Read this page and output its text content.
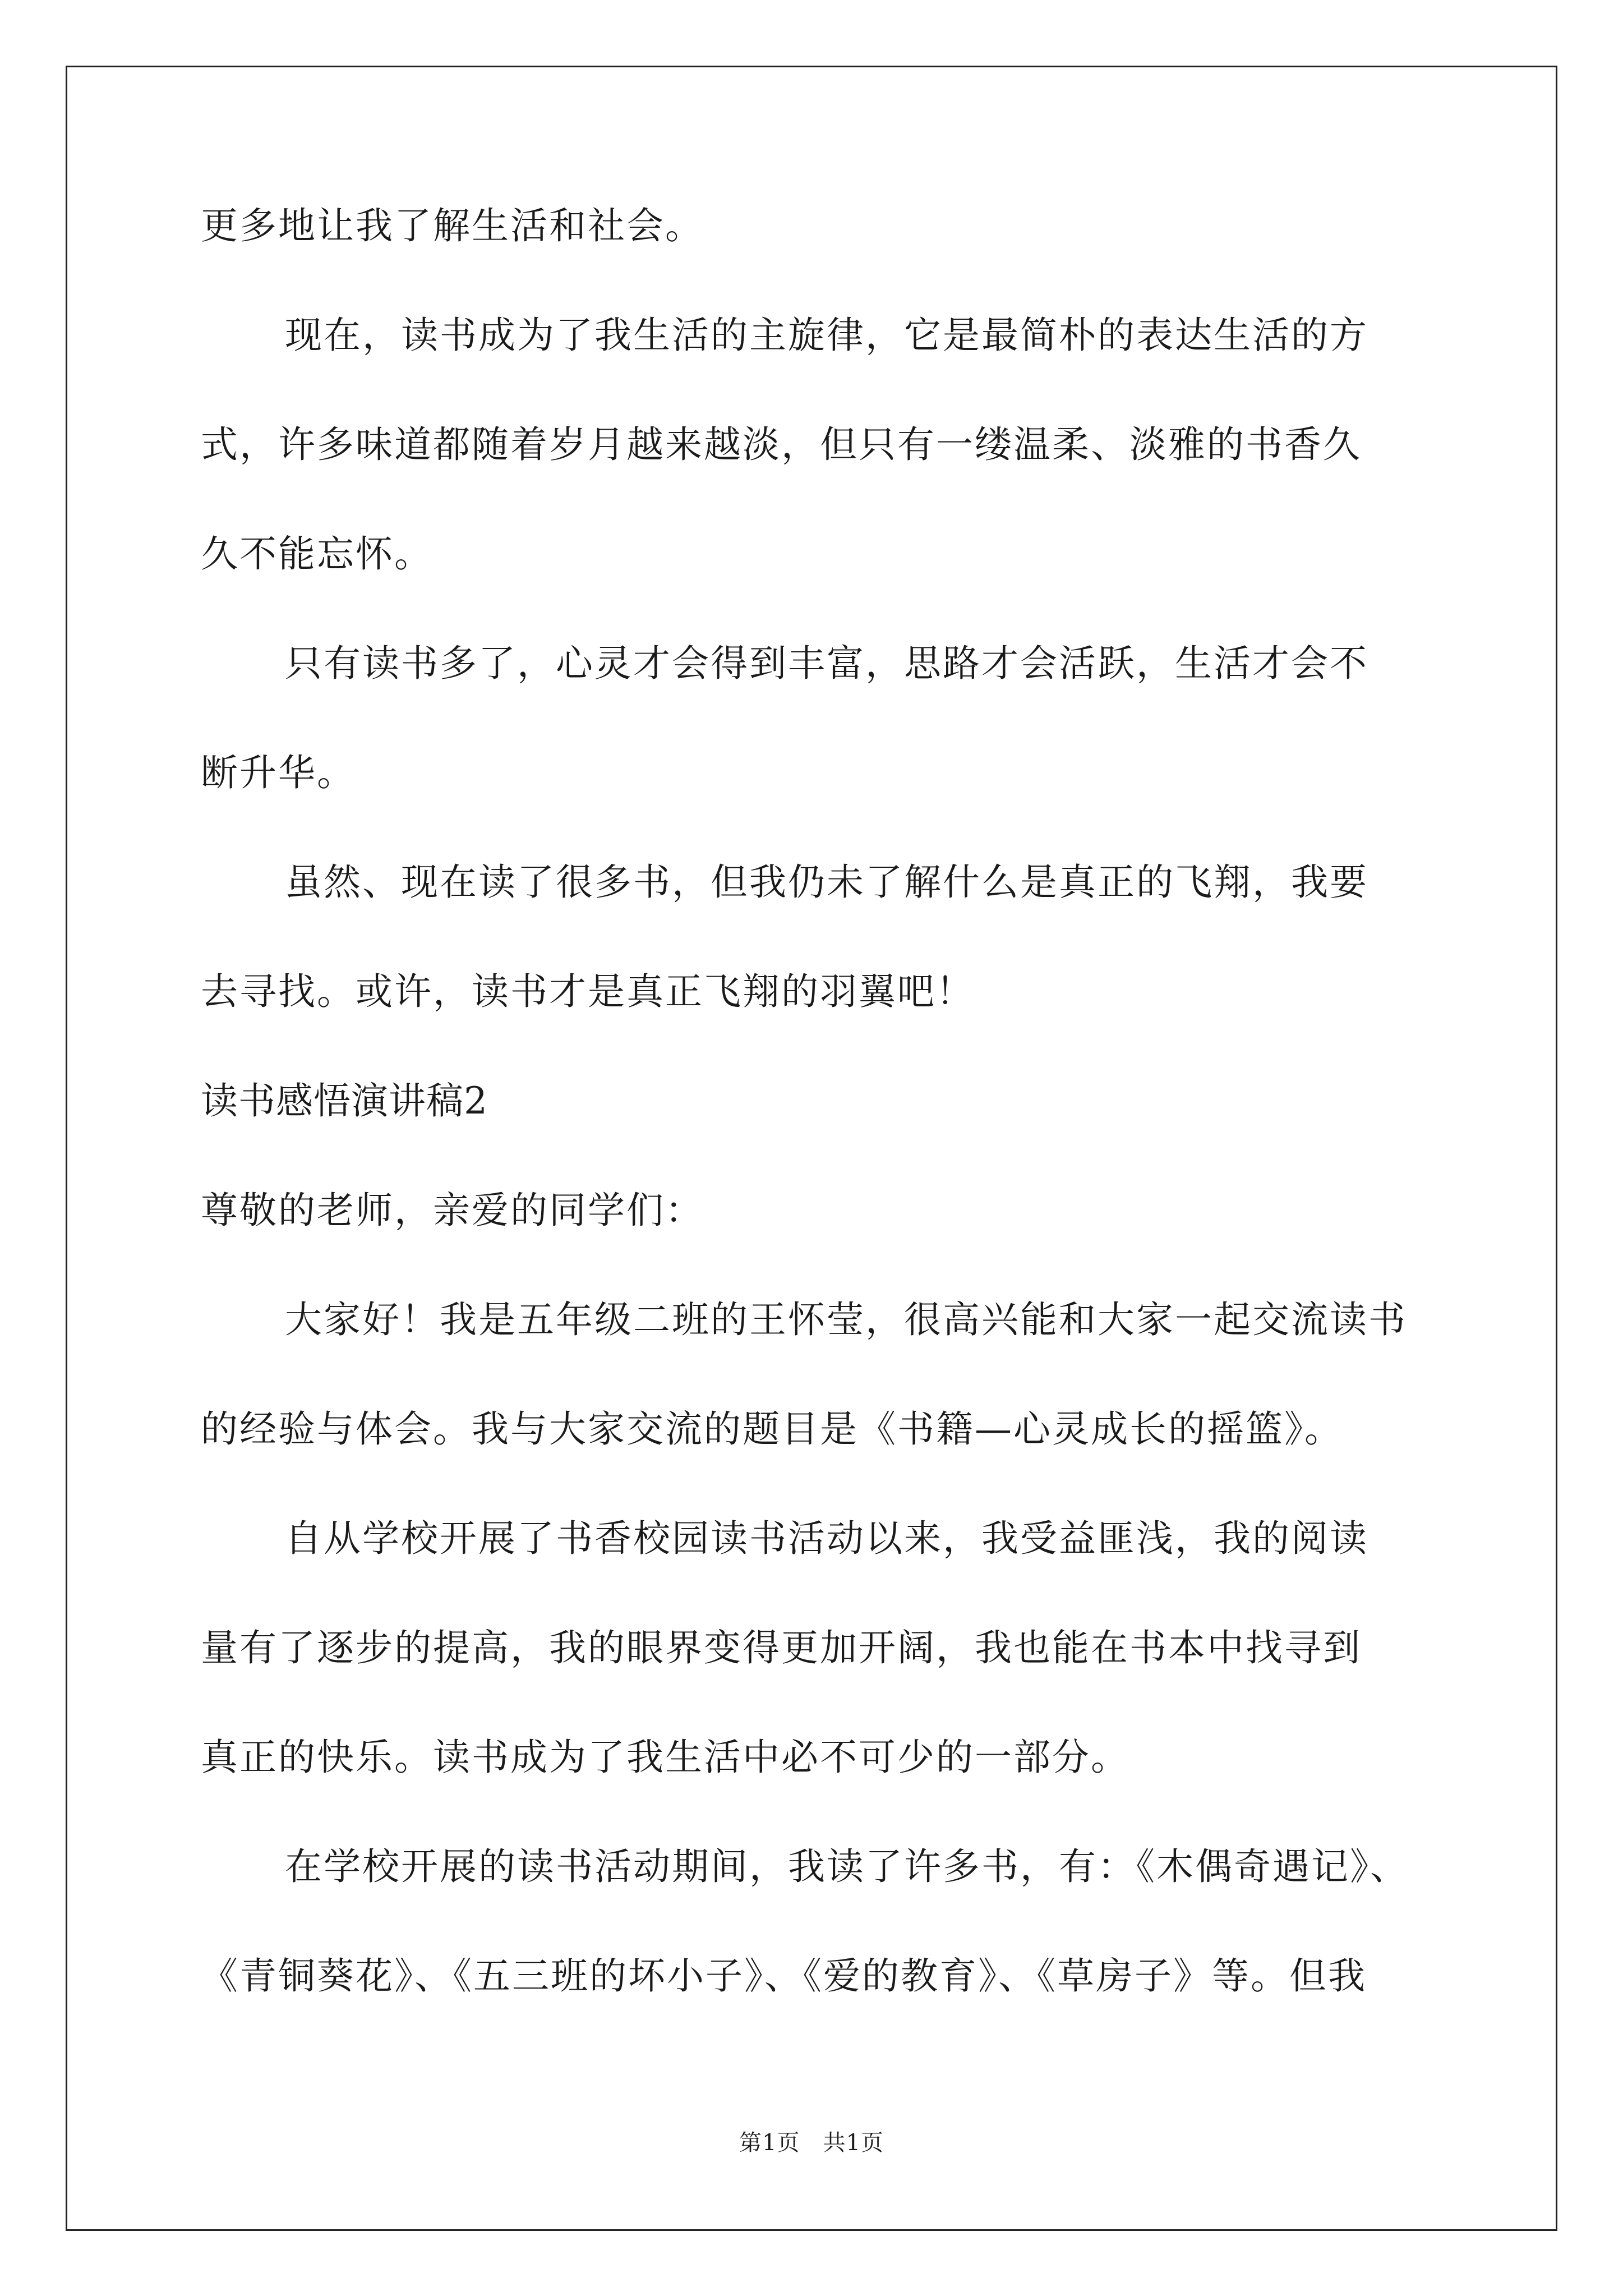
更多地让我了解生活和社会。

现在，读书成为了我生活的主旋律，它是最简朴的表达生活的方

式，许多味道都随着岁月越来越淡，但只有一缕温柔、淡雅的书香久

久不能忘怀。

只有读书多了，心灵才会得到丰富，思路才会活跃，生活才会不

断升华。

虽然、现在读了很多书，但我仍未了解什么是真正的飞翔，我要

去寻找。或许，读书才是真正飞翔的羽翼吧！

读书感悟演讲稿2

尊敬的老师，亲爱的同学们：

大家好！我是五年级二班的王怀莹，很高兴能和大家一起交流读书

的经验与体会。我与大家交流的题目是《书籍—心灵成长的摇篮》。

自从学校开展了书香校园读书活动以来，我受益匪浅，我的阅读

量有了逐步的提高，我的眼界变得更加开阔，我也能在书本中找寻到

真正的快乐。读书成为了我生活中必不可少的一部分。

在学校开展的读书活动期间，我读了许多书，有：《木偶奇遇记》、

《青铜葵花》、《五三班的坏小子》、《爱的教育》、《草房子》等。但我

第1页　共1页
